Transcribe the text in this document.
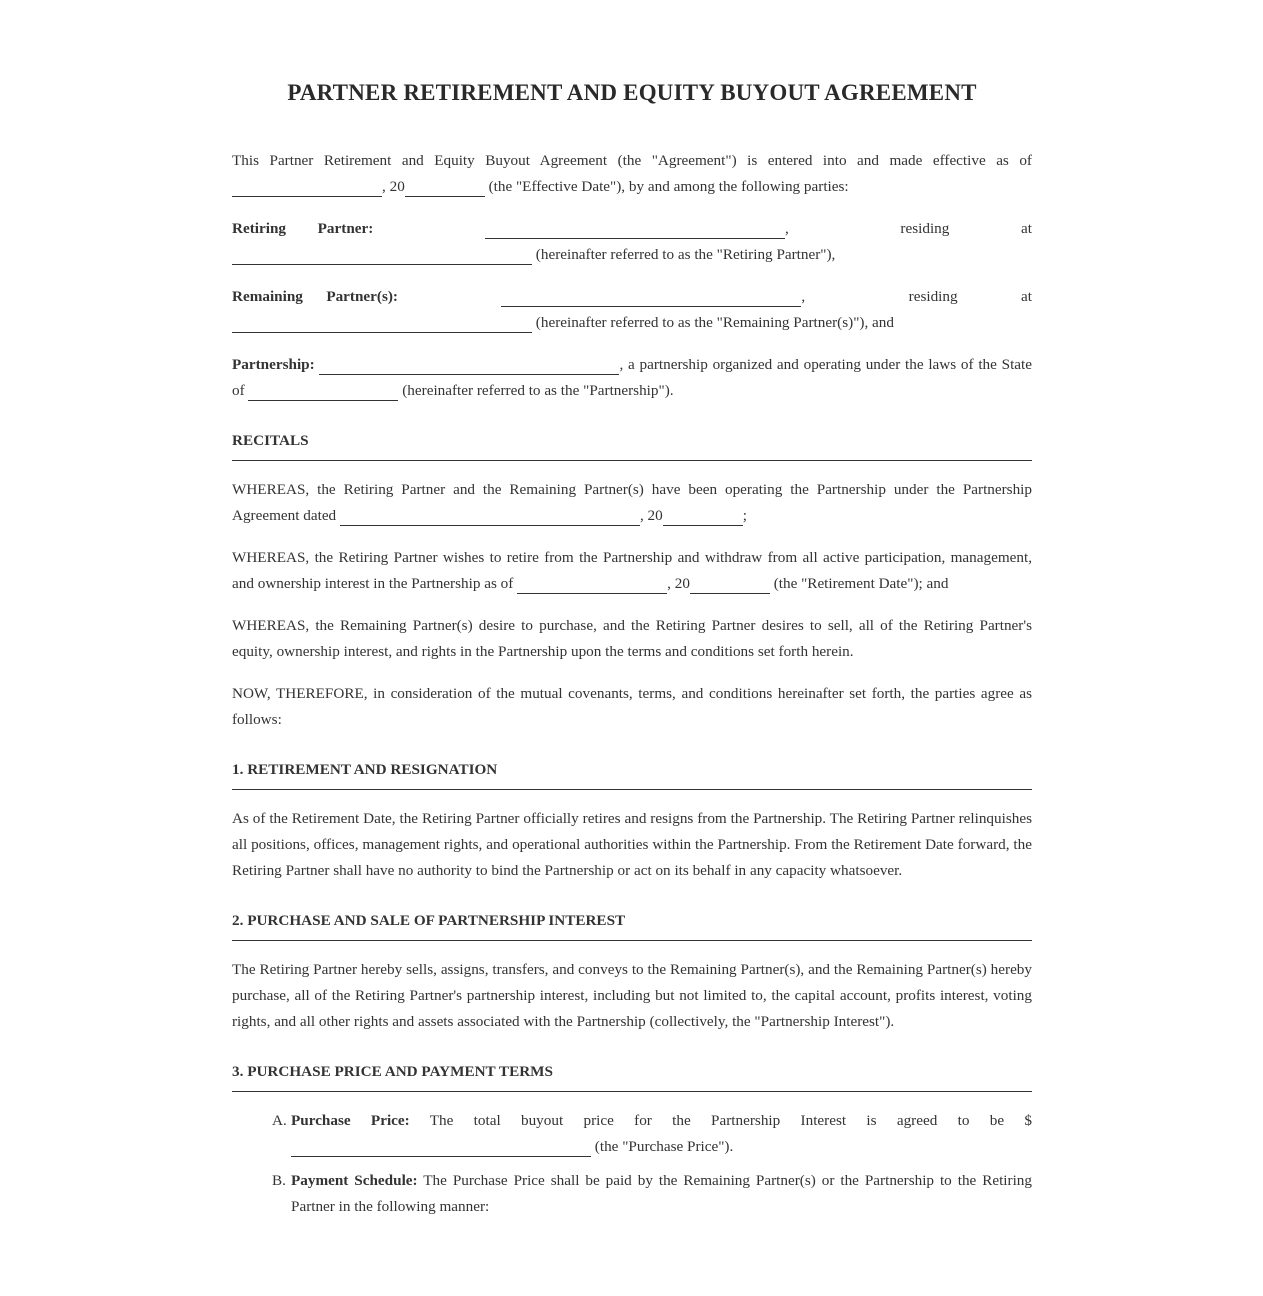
PARTNER RETIREMENT AND EQUITY BUYOUT AGREEMENT

This Partner Retirement and Equity Buyout Agreement (the "Agreement") is entered into and made effective as of , 20	(the "Effective Date"), by and among the following parties:

Retiring Partner:	,	residing	at

(hereinafter referred to as the "Retiring Partner"),

Remaining Partner(s):	,	residing	at

(hereinafter referred to as the "Remaining Partner(s)"), and

Partnership:	, a partnership organized and operating under the laws of the State of	(hereinafter referred to as the "Partnership").

RECITALS

WHEREAS, the Retiring Partner and the Remaining Partner(s) have been operating the Partnership under the Partnership Agreement dated	, 20	;

WHEREAS, the Retiring Partner wishes to retire from the Partnership and withdraw from all active participation, management, and ownership interest in the Partnership as of	, 20	(the "Retirement Date"); and

WHEREAS, the Remaining Partner(s) desire to purchase, and the Retiring Partner desires to sell, all of the Retiring Partner's equity, ownership interest, and rights in the Partnership upon the terms and conditions set forth herein.

NOW, THEREFORE, in consideration of the mutual covenants, terms, and conditions hereinafter set forth, the parties agree as follows:

1. RETIREMENT AND RESIGNATION

As of the Retirement Date, the Retiring Partner officially retires and resigns from the Partnership. The Retiring Partner relinquishes all positions, offices, management rights, and operational authorities within the Partnership. From the Retirement Date forward, the Retiring Partner shall have no authority to bind the Partnership or act on its behalf in any capacity whatsoever.

2. PURCHASE AND SALE OF PARTNERSHIP INTEREST

The Retiring Partner hereby sells, assigns, transfers, and conveys to the Remaining Partner(s), and the Remaining Partner(s) hereby purchase, all of the Retiring Partner's partnership interest, including but not limited to, the capital account, profits interest, voting rights, and all other rights and assets associated with the Partnership (collectively, the "Partnership Interest").

3. PURCHASE PRICE AND PAYMENT TERMS
A. Purchase Price: The total buyout price for the Partnership Interest is agreed to be $  (the "Purchase Price").
B. Payment Schedule: The Purchase Price shall be paid by the Remaining Partner(s) or the Partnership to the Retiring Partner in the following manner:
